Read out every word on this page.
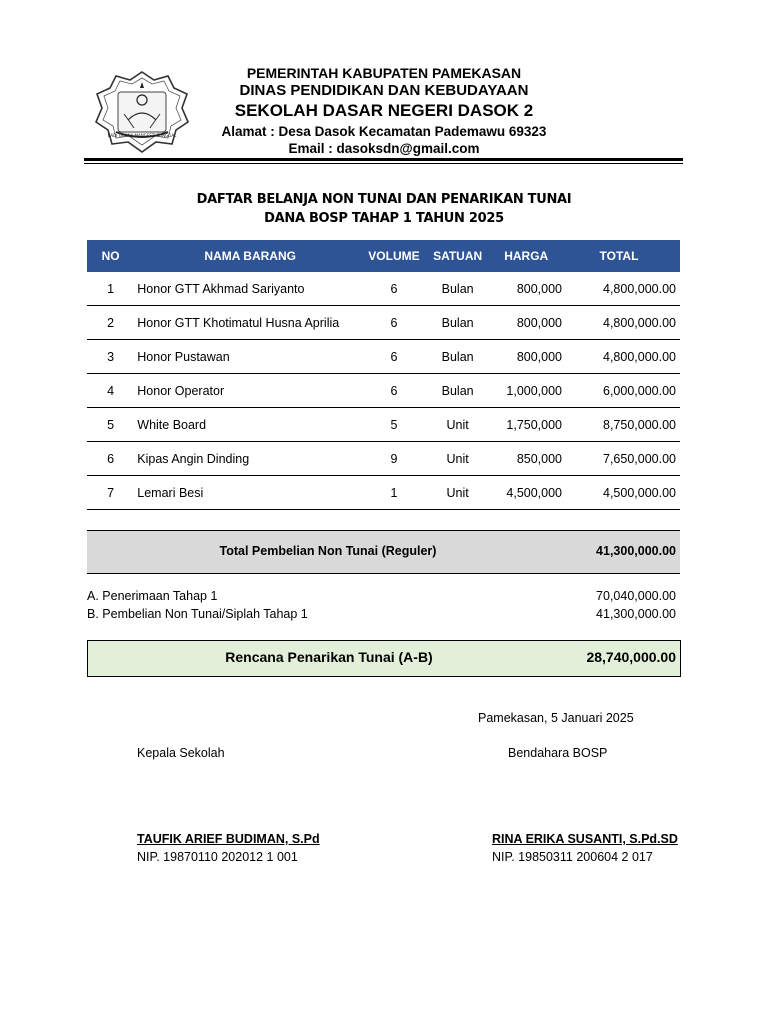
BADI GHANA MANGESTI TUNGGAL
PEMERINTAH KABUPATEN PAMEKASAN
DINAS PENDIDIKAN DAN KEBUDAYAAN
SEKOLAH DASAR NEGERI DASOK 2
Alamat : Desa Dasok Kecamatan Pademawu 69323
Email : dasoksdn@gmail.com
DAFTAR BELANJA NON TUNAI DAN PENARIKAN TUNAI
DANA BOSP TAHAP 1 TAHUN 2025
NO	NAMA BARANG	VOLUME	SATUAN	HARGA	TOTAL
1	Honor GTT Akhmad Sariyanto	6	Bulan	800,000	4,800,000.00
2	Honor GTT Khotimatul Husna Aprilia	6	Bulan	800,000	4,800,000.00
3	Honor Pustawan	6	Bulan	800,000	4,800,000.00
4	Honor Operator	6	Bulan	1,000,000	6,000,000.00
5	White Board	5	Unit	1,750,000	8,750,000.00
6	Kipas Angin Dinding	9	Unit	850,000	7,650,000.00
7	Lemari Besi	1	Unit	4,500,000	4,500,000.00
Total Pembelian Non Tunai (Reguler)	41,300,000.00
A. Penerimaan Tahap 1	70,040,000.00
B. Pembelian Non Tunai/Siplah Tahap 1	41,300,000.00
Rencana Penarikan Tunai (A-B)	28,740,000.00
Pamekasan, 5 Januari 2025
Kepala Sekolah	Bendahara BOSP
TAUFIK ARIEF BUDIMAN, S.Pd
NIP. 19870110 202012 1 001
RINA ERIKA SUSANTI, S.Pd.SD
NIP. 19850311 200604 2 017
